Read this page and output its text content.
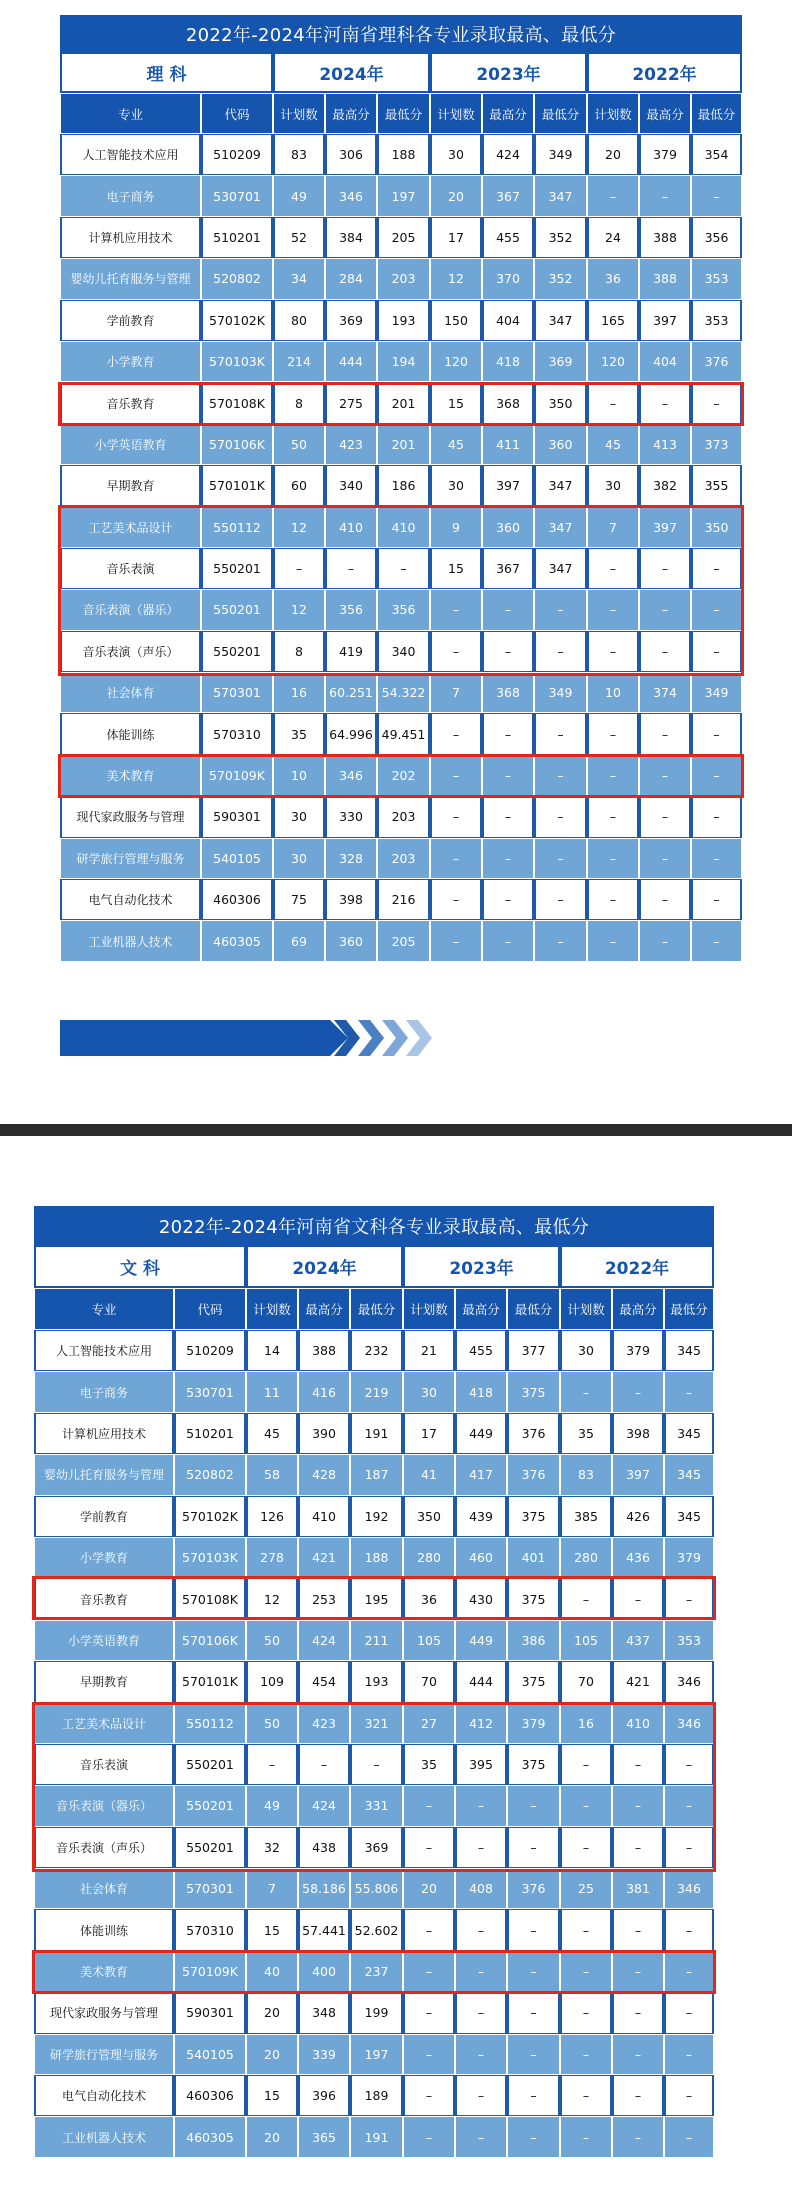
2022年-2024年河南省理科各专业录取最高、最低分										
理 科		2024年			2023年			2022年		
专业	代码	计划数	最高分	最低分	计划数	最高分	最低分	计划数	最高分	最低分
人工智能技术应用	510209	83	306	188	30	424	349	20	379	354
电子商务	530701	49	346	197	20	367	347	–	–	–
计算机应用技术	510201	52	384	205	17	455	352	24	388	356
婴幼儿托育服务与管理	520802	34	284	203	12	370	352	36	388	353
学前教育	570102K	80	369	193	150	404	347	165	397	353
小学教育	570103K	214	444	194	120	418	369	120	404	376
音乐教育	570108K	8	275	201	15	368	350	–	–	–
小学英语教育	570106K	50	423	201	45	411	360	45	413	373
早期教育	570101K	60	340	186	30	397	347	30	382	355
工艺美术品设计	550112	12	410	410	9	360	347	7	397	350
音乐表演	550201	–	–	–	15	367	347	–	–	–
音乐表演（器乐）	550201	12	356	356	–	–	–	–	–	–
音乐表演（声乐）	550201	8	419	340	–	–	–	–	–	–
社会体育	570301	16	60.251	54.322	7	368	349	10	374	349
体能训练	570310	35	64.996	49.451	–	–	–	–	–	–
美术教育	570109K	10	346	202	–	–	–	–	–	–
现代家政服务与管理	590301	30	330	203	–	–	–	–	–	–
研学旅行管理与服务	540105	30	328	203	–	–	–	–	–	–
电气自动化技术	460306	75	398	216	–	–	–	–	–	–
工业机器人技术	460305	69	360	205	–	–	–	–	–	–
2022年-2024年河南省文科各专业录取最高、最低分										
文 科		2024年			2023年			2022年		
专业	代码	计划数	最高分	最低分	计划数	最高分	最低分	计划数	最高分	最低分
人工智能技术应用	510209	14	388	232	21	455	377	30	379	345
电子商务	530701	11	416	219	30	418	375	–	–	–
计算机应用技术	510201	45	390	191	17	449	376	35	398	345
婴幼儿托育服务与管理	520802	58	428	187	41	417	376	83	397	345
学前教育	570102K	126	410	192	350	439	375	385	426	345
小学教育	570103K	278	421	188	280	460	401	280	436	379
音乐教育	570108K	12	253	195	36	430	375	–	–	–
小学英语教育	570106K	50	424	211	105	449	386	105	437	353
早期教育	570101K	109	454	193	70	444	375	70	421	346
工艺美术品设计	550112	50	423	321	27	412	379	16	410	346
音乐表演	550201	–	–	–	35	395	375	–	–	–
音乐表演（器乐）	550201	49	424	331	–	–	–	–	–	–
音乐表演（声乐）	550201	32	438	369	–	–	–	–	–	–
社会体育	570301	7	58.186	55.806	20	408	376	25	381	346
体能训练	570310	15	57.441	52.602	–	–	–	–	–	–
美术教育	570109K	40	400	237	–	–	–	–	–	–
现代家政服务与管理	590301	20	348	199	–	–	–	–	–	–
研学旅行管理与服务	540105	20	339	197	–	–	–	–	–	–
电气自动化技术	460306	15	396	189	–	–	–	–	–	–
工业机器人技术	460305	20	365	191	–	–	–	–	–	–
